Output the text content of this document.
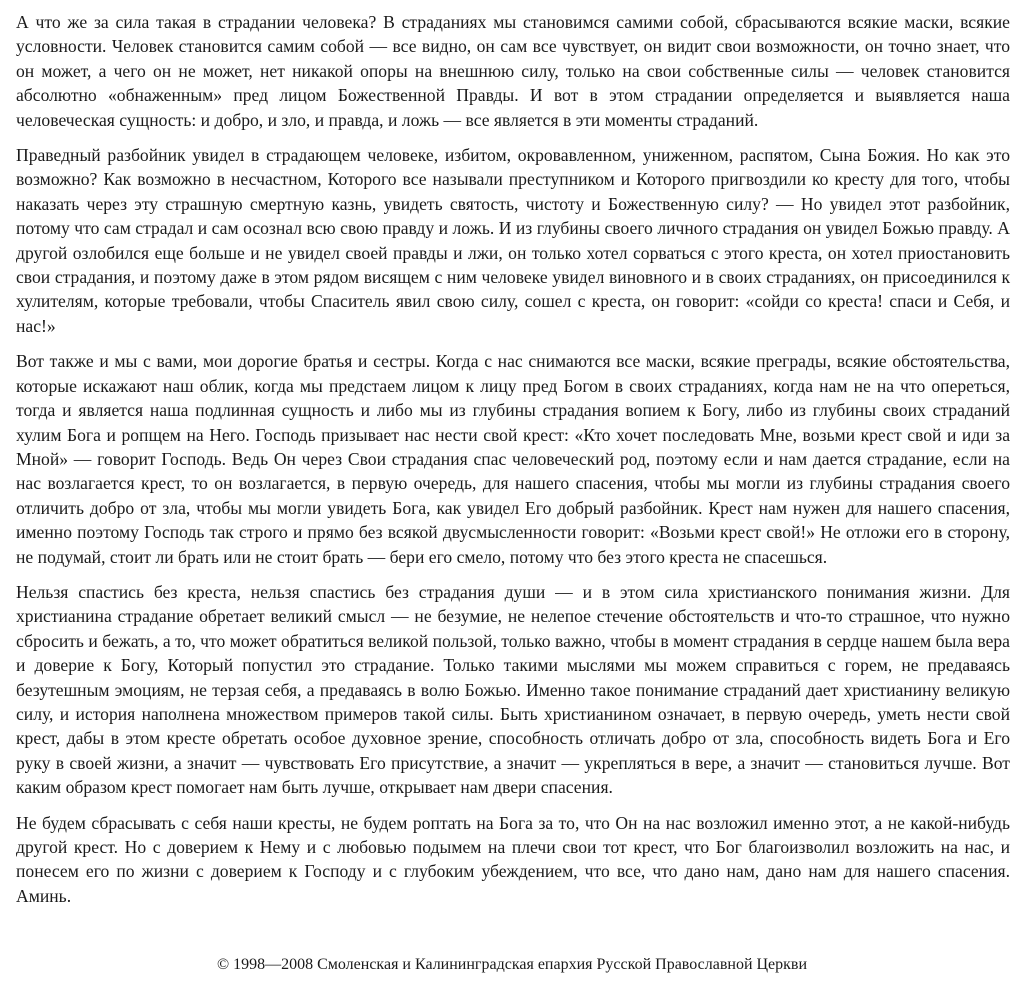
А что же за сила такая в страдании человека? В страданиях мы становимся самими собой, сбрасываются всякие маски, всякие условности. Человек становится самим собой — все видно, он сам все чувствует, он видит свои возможности, он точно знает, что он может, а чего он не может, нет никакой опоры на внешнюю силу, только на свои собственные силы — человек становится абсолютно «обнаженным» пред лицом Божественной Правды. И вот в этом страдании определяется и выявляется наша человеческая сущность: и добро, и зло, и правда, и ложь — все является в эти моменты страданий.

Праведный разбойник увидел в страдающем человеке, избитом, окровавленном, униженном, распятом, Сына Божия. Но как это возможно? Как возможно в несчастном, Которого все называли преступником и Которого пригвоздили ко кресту для того, чтобы наказать через эту страшную смертную казнь, увидеть святость, чистоту и Божественную силу? — Но увидел этот разбойник, потому что сам страдал и сам осознал всю свою правду и ложь. И из глубины своего личного страдания он увидел Божью правду. А другой озлобился еще больше и не увидел своей правды и лжи, он только хотел сорваться с этого креста, он хотел приостановить свои страдания, и поэтому даже в этом рядом висящем с ним человеке увидел виновного и в своих страданиях, он присоединился к хулителям, которые требовали, чтобы Спаситель явил свою силу, сошел с креста, он говорит: «сойди со креста! спаси и Себя, и нас!»

Вот также и мы с вами, мои дорогие братья и сестры. Когда с нас снимаются все маски, всякие преграды, всякие обстоятельства, которые искажают наш облик, когда мы предстаем лицом к лицу пред Богом в своих страданиях, когда нам не на что опереться, тогда и является наша подлинная сущность и либо мы из глубины страдания вопием к Богу, либо из глубины своих страданий хулим Бога и ропщем на Него. Господь призывает нас нести свой крест: «Кто хочет последовать Мне, возьми крест свой и иди за Мной» — говорит Господь. Ведь Он через Свои страдания спас человеческий род, поэтому если и нам дается страдание, если на нас возлагается крест, то он возлагается, в первую очередь, для нашего спасения, чтобы мы могли из глубины страдания своего отличить добро от зла, чтобы мы могли увидеть Бога, как увидел Его добрый разбойник. Крест нам нужен для нашего спасения, именно поэтому Господь так строго и прямо без всякой двусмысленности говорит: «Возьми крест свой!» Не отложи его в сторону, не подумай, стоит ли брать или не стоит брать — бери его смело, потому что без этого креста не спасешься.

Нельзя спастись без креста, нельзя спастись без страдания души — и в этом сила христианского понимания жизни. Для христианина страдание обретает великий смысл — не безумие, не нелепое стечение обстоятельств и что-то страшное, что нужно сбросить и бежать, а то, что может обратиться великой пользой, только важно, чтобы в момент страдания в сердце нашем была вера и доверие к Богу, Который попустил это страдание. Только такими мыслями мы можем справиться с горем, не предаваясь безутешным эмоциям, не терзая себя, а предаваясь в волю Божью. Именно такое понимание страданий дает христианину великую силу, и история наполнена множеством примеров такой силы. Быть христианином означает, в первую очередь, уметь нести свой крест, дабы в этом кресте обретать особое духовное зрение, способность отличать добро от зла, способность видеть Бога и Его руку в своей жизни, а значит — чувствовать Его присутствие, а значит — укрепляться в вере, а значит — становиться лучше. Вот каким образом крест помогает нам быть лучше, открывает нам двери спасения.

Не будем сбрасывать с себя наши кресты, не будем роптать на Бога за то, что Он на нас возложил именно этот, а не какой-нибудь другой крест. Но с доверием к Нему и с любовью подымем на плечи свои тот крест, что Бог благоизволил возложить на нас, и понесем его по жизни с доверием к Господу и с глубоким убеждением, что все, что дано нам, дано нам для нашего спасения. Аминь.

© 1998—2008 Смоленская и Калининградская епархия Русской Православной Церкви
